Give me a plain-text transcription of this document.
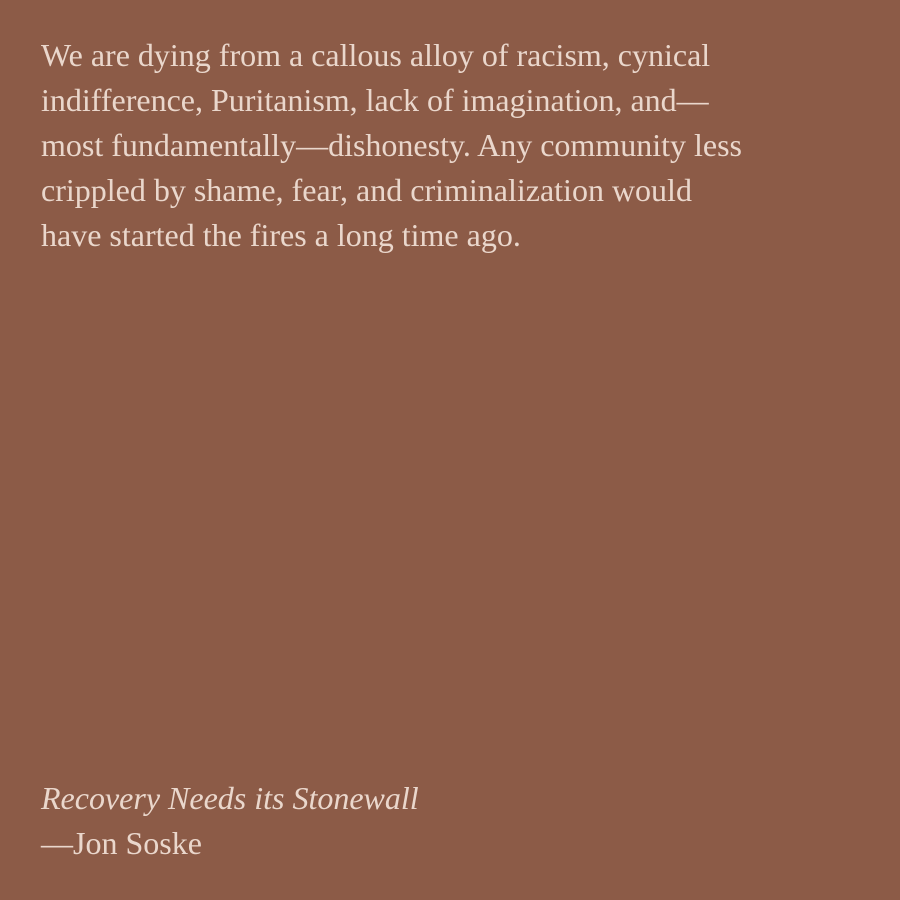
We are dying from a callous alloy of racism, cynical
indifference, Puritanism, lack of imagination, and—
most fundamentally—dishonesty. Any community less
crippled by shame, fear, and criminalization would
have started the fires a long time ago.

Recovery Needs its Stonewall
—Jon Soske
